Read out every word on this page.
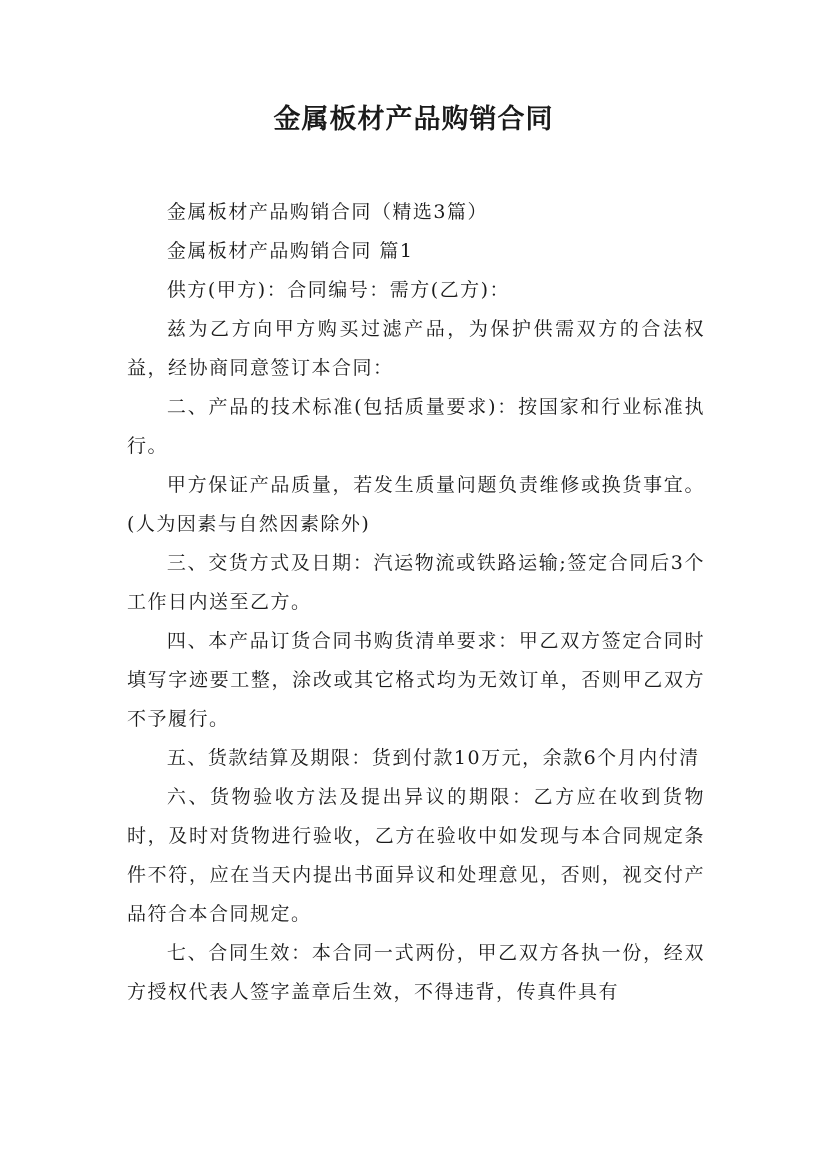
金属板材产品购销合同

金属板材产品购销合同（精选3篇）

金属板材产品购销合同 篇1

供方(甲方)：合同编号：需方(乙方)：

兹为乙方向甲方购买过滤产品，为保护供需双方的合法权益，经协商同意签订本合同：

二、产品的技术标准(包括质量要求)：按国家和行业标准执行。

甲方保证产品质量，若发生质量问题负责维修或换货事宜。(人为因素与自然因素除外)

三、交货方式及日期：汽运物流或铁路运输;签定合同后3个工作日内送至乙方。

四、本产品订货合同书购货清单要求：甲乙双方签定合同时填写字迹要工整，涂改或其它格式均为无效订单，否则甲乙双方不予履行。

五、货款结算及期限：货到付款10万元，余款6个月内付清

六、货物验收方法及提出异议的期限：乙方应在收到货物时，及时对货物进行验收，乙方在验收中如发现与本合同规定条件不符，应在当天内提出书面异议和处理意见，否则，视交付产品符合本合同规定。

七、合同生效：本合同一式两份，甲乙双方各执一份，经双方授权代表人签字盖章后生效，不得违背，传真件具有
